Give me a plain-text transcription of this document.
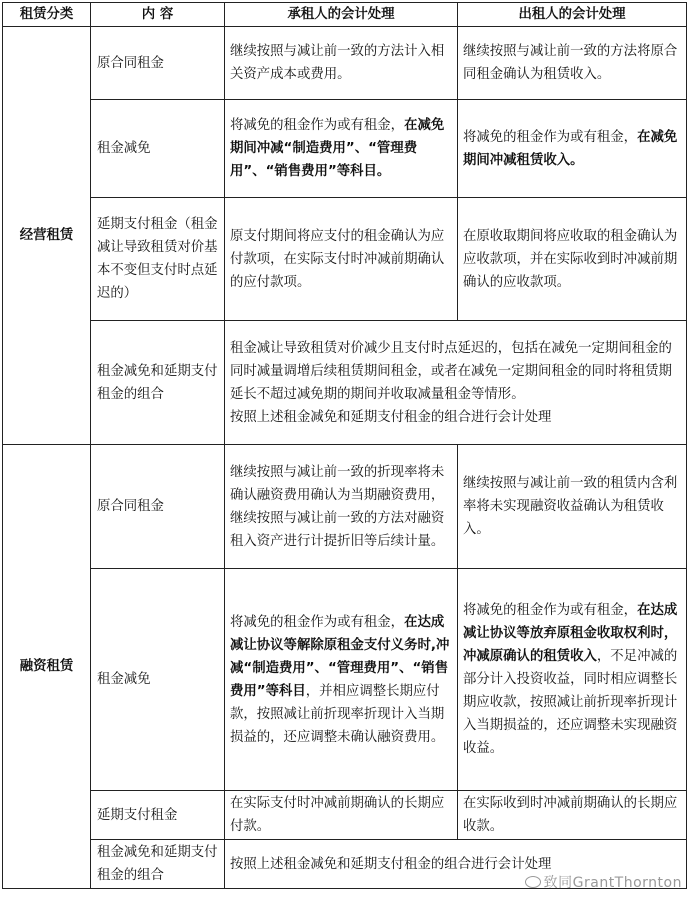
租赁分类	内 容	承租人的会计处理	出租人的会计处理
经营租赁	原合同租金	继续按照与减让前一致的方法计入相关资产成本或费用。	继续按照与减让前一致的方法将原合同租金确认为租赁收入。
	租金减免	将减免的租金作为或有租金，在减免期间冲减“制造费用”、“管理费用”、“销售费用”等科目。	将减免的租金作为或有租金，在减免期间冲减租赁收入。
	延期支付租金（租金减让导致租赁对价基本不变但支付时点延迟的）	原支付期间将应支付的租金确认为应付款项，在实际支付时冲减前期确认的应付款项。	在原收取期间将应收取的租金确认为应收款项，并在实际收到时冲减前期确认的应收款项。
	租金减免和延期支付租金的组合	租金减让导致租赁对价减少且支付时点延迟的，包括在减免一定期间租金的同时减量调增后续租赁期间租金，或者在减免一定期间租金的同时将租赁期延长不超过减免期的期间并收取减量租金等情形。
按照上述租金减免和延期支付租金的组合进行会计处理	
融资租赁	原合同租金	继续按照与减让前一致的折现率将未确认融资费用确认为当期融资费用，继续按照与减让前一致的方法对融资租入资产进行计提折旧等后续计量。	继续按照与减让前一致的租赁内含利率将未实现融资收益确认为租赁收入。
	租金减免	将减免的租金作为或有租金，在达成减让协议等解除原租金支付义务时,冲减“制造费用”、“管理费用”、“销售费用”等科目，并相应调整长期应付款，按照减让前折现率折现计入当期损益的，还应调整未确认融资费用。	将减免的租金作为或有租金，在达成减让协议等放弃原租金收取权利时，冲减原确认的租赁收入，不足冲减的部分计入投资收益，同时相应调整长期应收款，按照减让前折现率折现计入当期损益的，还应调整未实现融资收益。
	延期支付租金	在实际支付时冲减前期确认的长期应付款。	在实际收到时冲减前期确认的长期应收款。
	租金减免和延期支付租金的组合	按照上述租金减免和延期支付租金的组合进行会计处理	
致同GrantThornton
